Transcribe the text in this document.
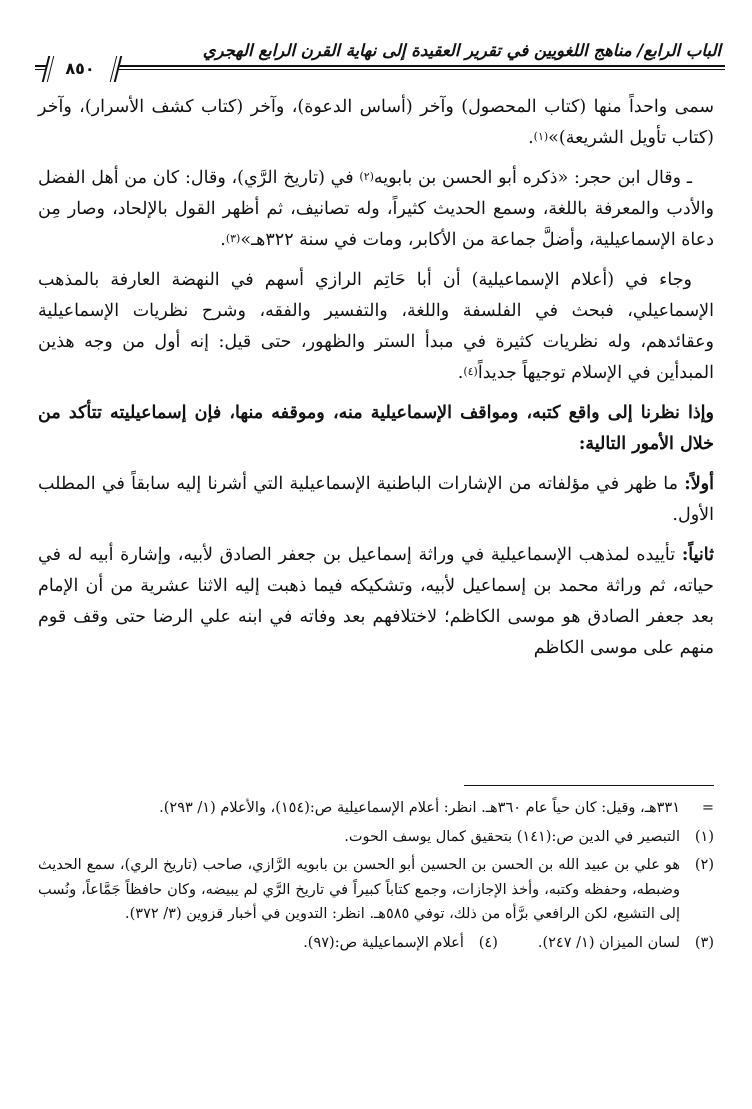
الباب الرابع/ مناهج اللغويين في تقرير العقيدة إلى نهاية القرن الرابع الهجري
٨٥٠

سمى واحداً منها (كتاب المحصول) وآخر (أساس الدعوة)، وآخر (كتاب كشف الأسرار)، وآخر (كتاب تأويل الشريعة)»$^{(١)}$.

ـ وقال ابن حجر: «ذكره أبو الحسن بن بابويه$^{(٢)}$ في (تاريخ الرَّي)، وقال: كان من أهل الفضل والأدب والمعرفة باللغة، وسمع الحديث كثيراً، وله تصانيف، ثم أظهر القول بالإلحاد، وصار مِن دعاة الإسماعيلية، وأضلَّ جماعة من الأكابر، ومات في سنة ٣٢٢هـ»$^{(٣)}$.

وجاء في (أعلام الإسماعيلية) أن أبا حَاتِم الرازي أسهم في النهضة العارفة بالمذهب الإسماعيلي، فبحث في الفلسفة واللغة، والتفسير والفقه، وشرح نظريات الإسماعيلية وعقائدهم، وله نظريات كثيرة في مبدأ الستر والظهور، حتى قيل: إنه أول من وجه هذين المبدأين في الإسلام توجيهاً جديداً$^{(٤)}$.

وإذا نظرنا إلى واقع كتبه، ومواقف الإسماعيلية منه، وموقفه منها، فإن إسماعيليته تتأكد من خلال الأمور التالية:

أولاً: ما ظهر في مؤلفاته من الإشارات الباطنية الإسماعيلية التي أشرنا إليه سابقاً في المطلب الأول.

ثانياً: تأييده لمذهب الإسماعيلية في وراثة إسماعيل بن جعفر الصادق لأبيه، وإشارة أبيه له في حياته، ثم وراثة محمد بن إسماعيل لأبيه، وتشكيكه فيما ذهبت إليه الاثنا عشرية من أن الإمام بعد جعفر الصادق هو موسى الكاظم؛ لاختلافهم بعد وفاته في ابنه علي الرضا حتى وقف قوم منهم على موسى الكاظم

=
٣٣١هـ، وقيل: كان حياً عام ٣٦٠هـ. انظر: أعلام الإسماعيلية ص:(١٥٤)، والأعلام (١/ ٢٩٣).
(١)
التبصير في الدين ص:(١٤١) بتحقيق كمال يوسف الحوت.
(٢)
هو علي بن عبيد الله بن الحسن بن الحسين أبو الحسن بن بابويه الرَّازي، صاحب (تاريخ الري)، سمع الحديث وضبطه، وحفظه وكتبه، وأخذ الإجازات، وجمع كتاباً كبيراً في تاريخ الرَّي لم يبيضه، وكان حافظاً جَمَّاعاً، ونُسب إلى التشيع، لكن الرافعي برَّأه من ذلك، توفي ٥٨٥هـ. انظر: التدوين في أخبار قزوين (٣/ ٣٧٢).
(٣)
لسان الميزان (١/ ٢٤٧).
(٤)
أعلام الإسماعيلية ص:(٩٧).
